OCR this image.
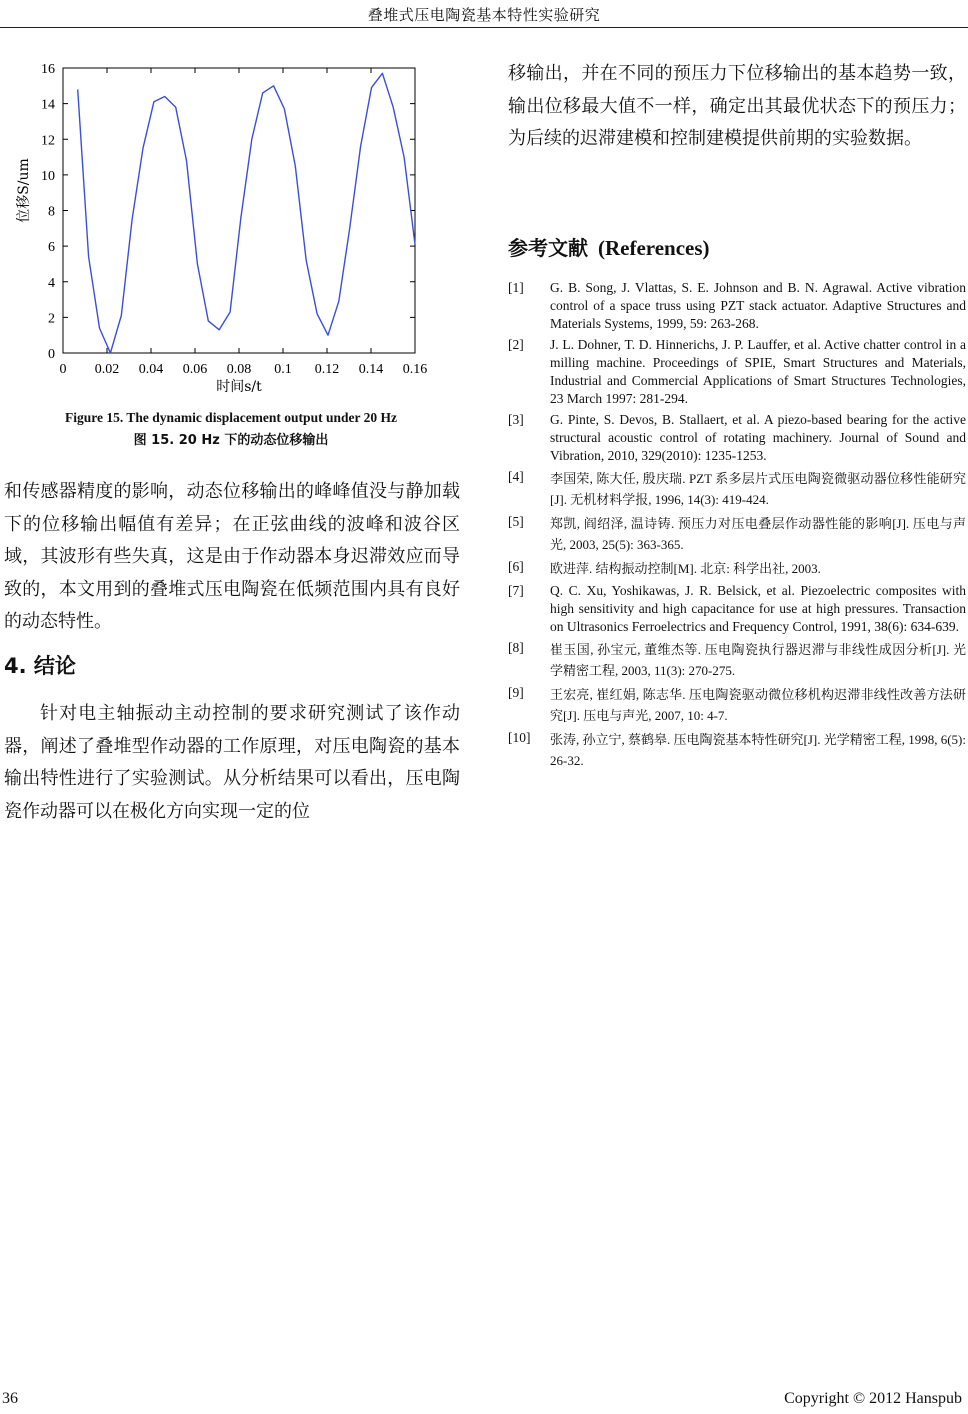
叠堆式压电陶瓷基本特性实验研究
0 0.02 0.04 0.06 0.08 0.1 0.12 0.14 0.16
0
2
4
6
8
10
12
14
16
时间s/t
位移S/um
Figure 15. The dynamic displacement output under 20 Hz
图 15. 20 Hz 下的动态位移输出
和传感器精度的影响，动态位移输出的峰峰值没与静加载下的位移输出幅值有差异；在正弦曲线的波峰和波谷区域，其波形有些失真，这是由于作动器本身迟滞效应而导致的，本文用到的叠堆式压电陶瓷在低频范围内具有良好的动态特性。
4. 结论
针对电主轴振动主动控制的要求研究测试了该作动器，阐述了叠堆型作动器的工作原理，对压电陶瓷的基本输出特性进行了实验测试。从分析结果可以看出，压电陶瓷作动器可以在极化方向实现一定的位
移输出，并在不同的预压力下位移输出的基本趋势一致，输出位移最大值不一样，确定出其最优状态下的预压力；为后续的迟滞建模和控制建模提供前期的实验数据。
参考文献 (References)
[1] G. B. Song, J. Vlattas, S. E. Johnson and B. N. Agrawal. Active vibration control of a space truss using PZT stack actuator. Adaptive Structures and Materials Systems, 1999, 59: 263-268.
[2] J. L. Dohner, T. D. Hinnerichs, J. P. Lauffer, et al. Active chatter control in a milling machine. Proceedings of SPIE, Smart Structures and Materials, Industrial and Commercial Applications of Smart Structures Technologies, 23 March 1997: 281-294.
[3] G. Pinte, S. Devos, B. Stallaert, et al. A piezo-based bearing for the active structural acoustic control of rotating machinery. Journal of Sound and Vibration, 2010, 329(2010): 1235-1253.
[4] 李国荣, 陈大任, 殷庆瑞. PZT 系多层片式压电陶瓷微驱动器位移性能研究[J]. 无机材料学报, 1996, 14(3): 419-424.
[5] 郑凯, 阎绍泽, 温诗铸. 预压力对压电叠层作动器性能的影响[J]. 压电与声光, 2003, 25(5): 363-365.
[6] 欧进萍. 结构振动控制[M]. 北京: 科学出社, 2003.
[7] Q. C. Xu, Yoshikawas, J. R. Belsick, et al. Piezoelectric composites with high sensitivity and high capacitance for use at high pressures. Transaction on Ultrasonics Ferroelectrics and Frequency Control, 1991, 38(6): 634-639.
[8] 崔玉国, 孙宝元, 董维杰等. 压电陶瓷执行器迟滞与非线性成因分析[J]. 光学精密工程, 2003, 11(3): 270-275.
[9] 王宏亮, 崔红娟, 陈志华. 压电陶瓷驱动微位移机构迟滞非线性改善方法研究[J]. 压电与声光, 2007, 10: 4-7.
[10] 张涛, 孙立宁, 蔡鹤皋. 压电陶瓷基本特性研究[J]. 光学精密工程, 1998, 6(5): 26-32.
36	Copyright © 2012 Hanspub
